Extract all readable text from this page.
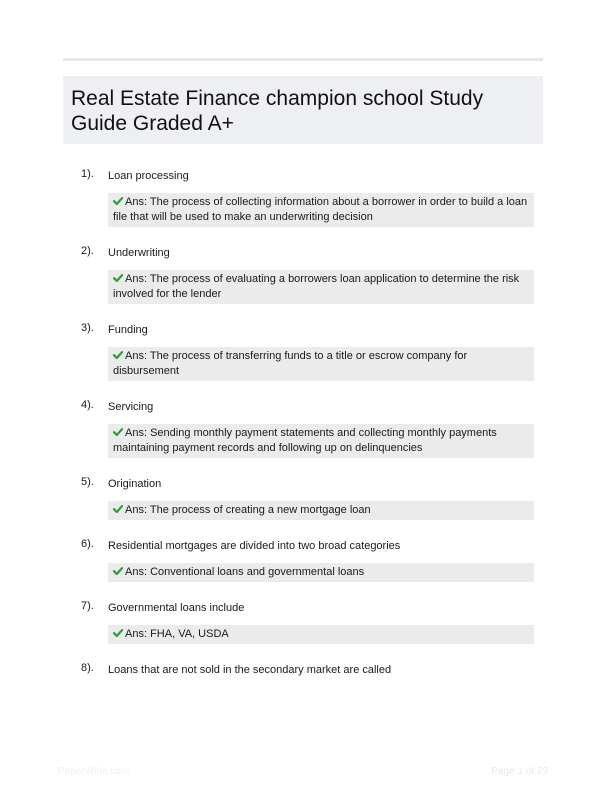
Real Estate Finance champion school Study Guide Graded A+
1). Loan processing
Ans: The process of collecting information about a borrower in order to build a loan file that will be used to make an underwriting decision
2). Underwriting
Ans: The process of evaluating a borrowers loan application to determine the risk involved for the lender
3). Funding
Ans: The process of transferring funds to a title or escrow company for disbursement
4). Servicing
Ans: Sending monthly payment statements and collecting monthly payments maintaining payment records and following up on delinquencies
5). Origination
Ans: The process of creating a new mortgage loan
6). Residential mortgages are divided into two broad categories
Ans: Conventional loans and governmental loans
7). Governmental loans include
Ans: FHA, VA, USDA
8). Loans that are not sold in the secondary market are called
PaperWibe.com	Page 1 of 29
